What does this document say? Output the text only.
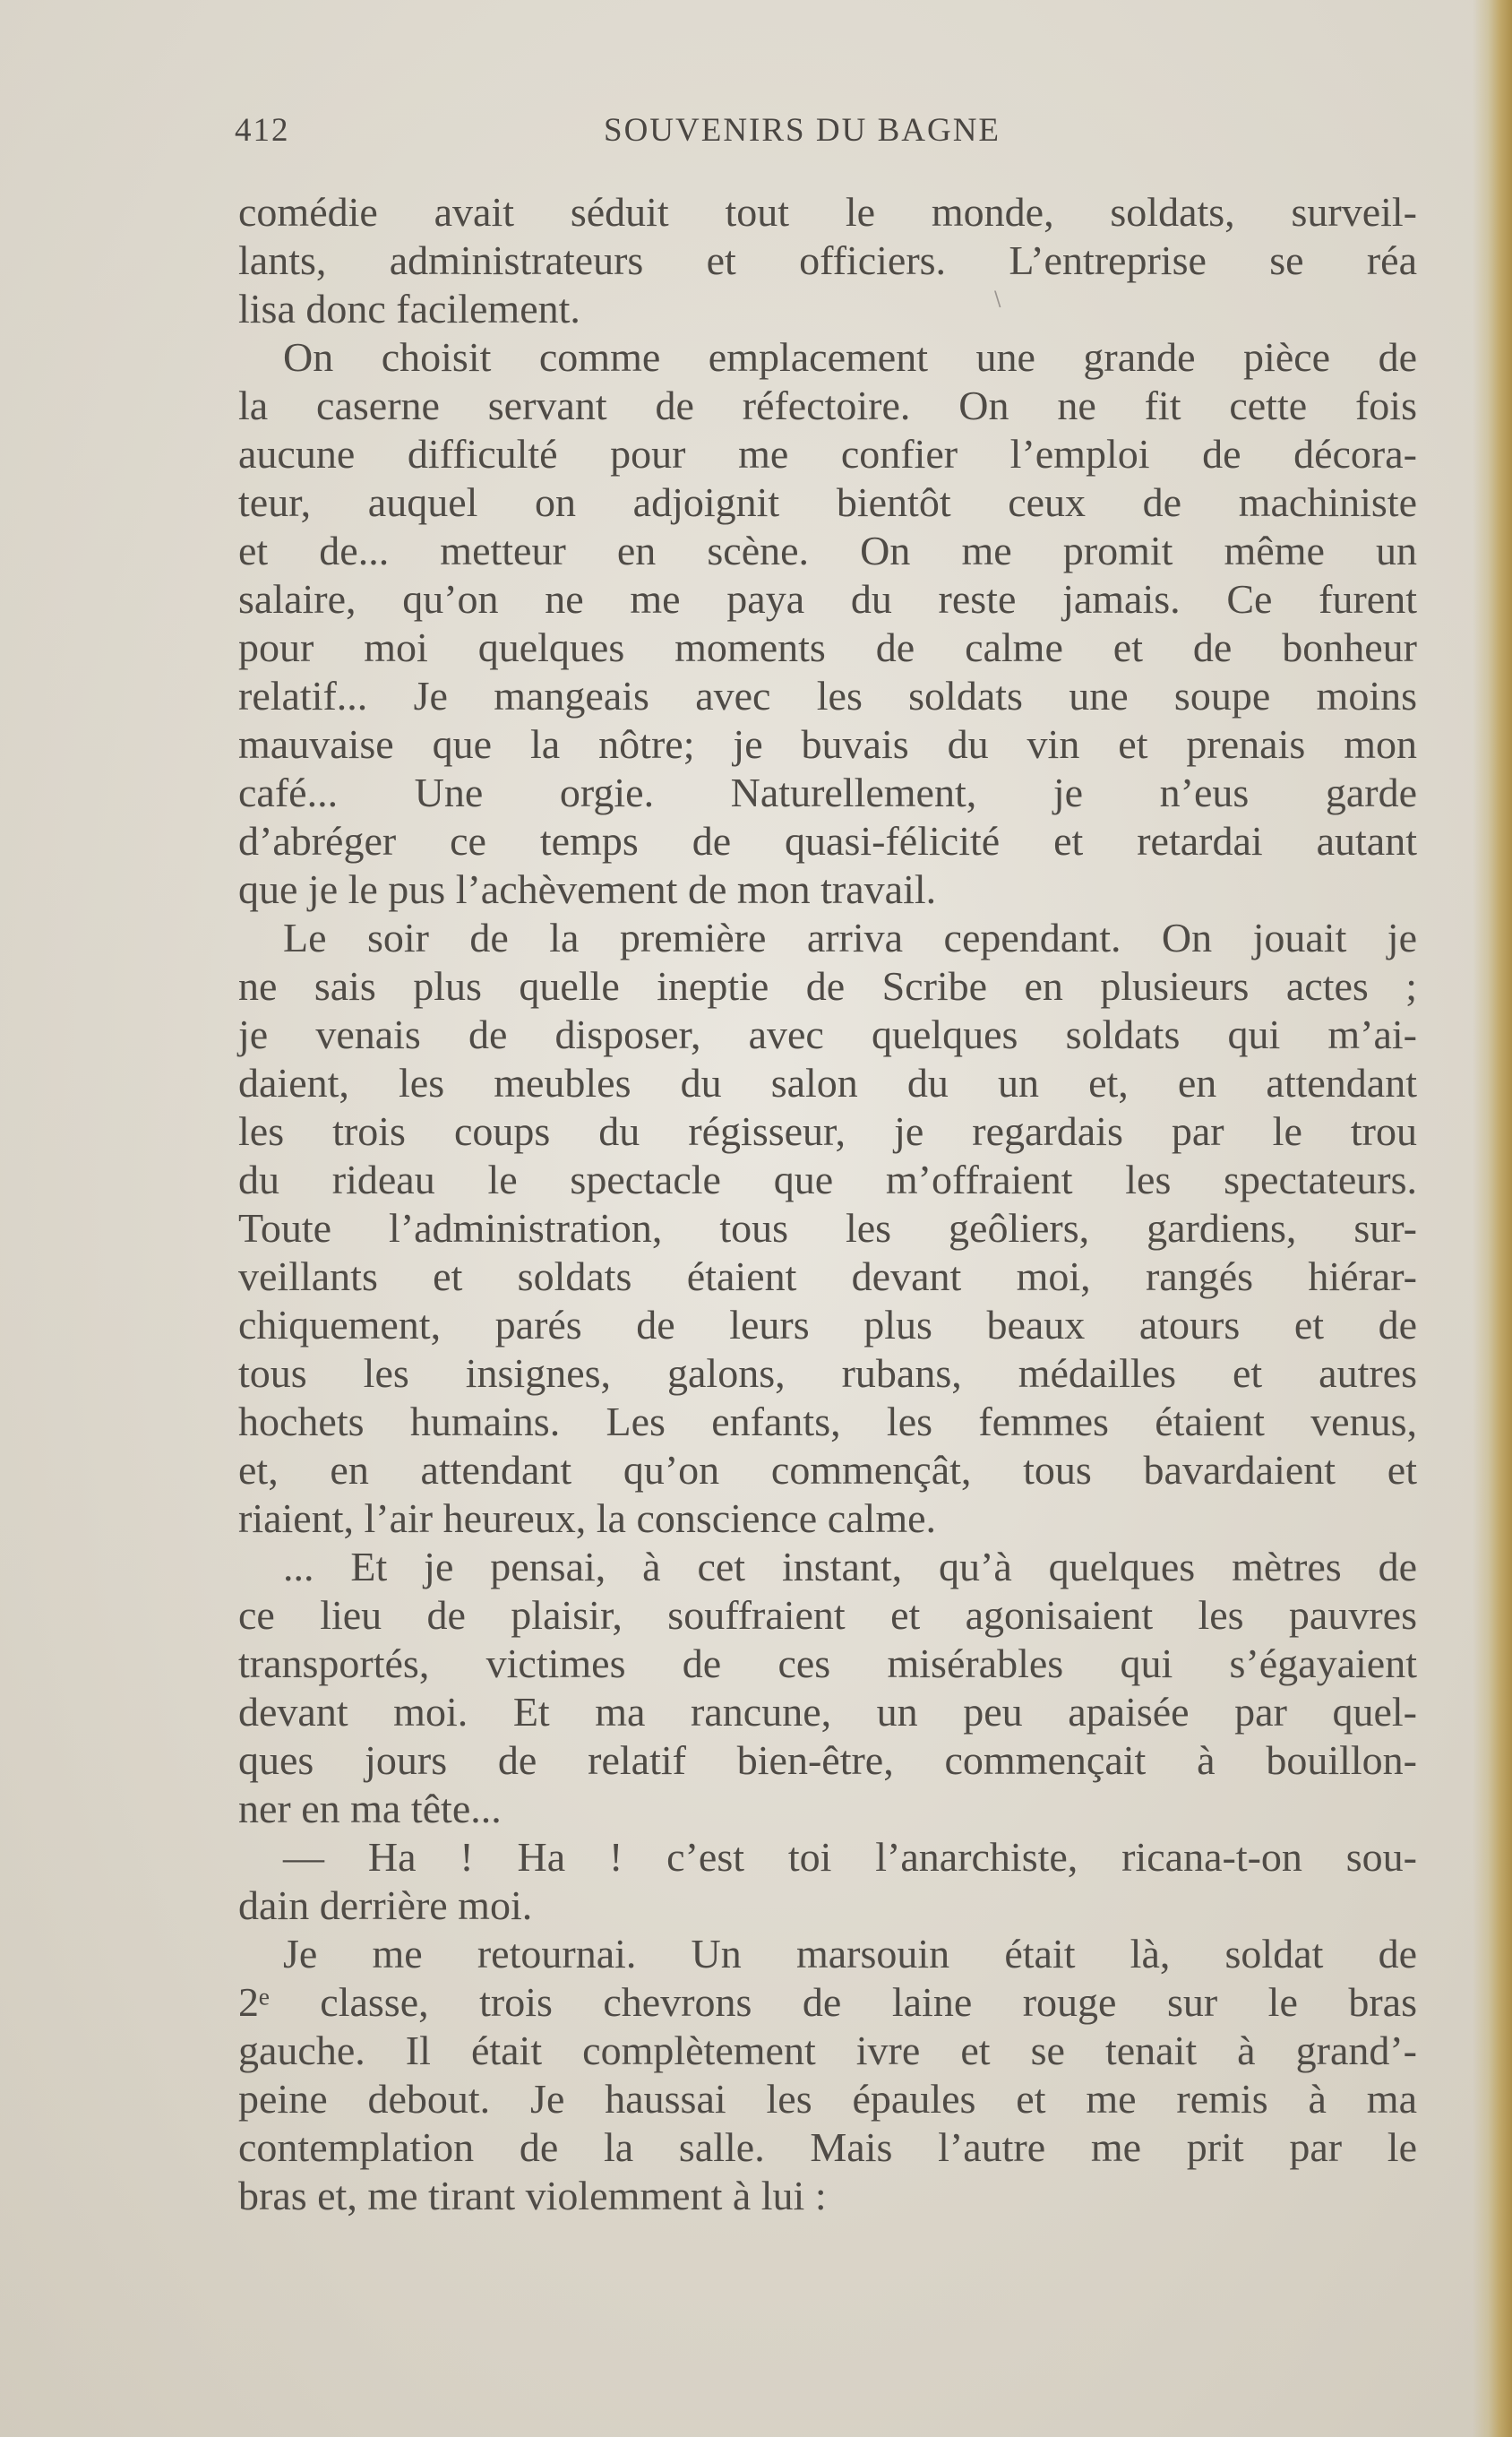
412	SOUVENIRS DU BAGNE
\
comédie avait séduit tout le monde, soldats, surveil-
lants, administrateurs et officiers. L’entreprise se réa
lisa donc facilement.
On choisit comme emplacement une grande pièce de
la caserne servant de réfectoire. On ne fit cette fois
aucune difficulté pour me confier l’emploi de décora-
teur, auquel on adjoignit bientôt ceux de machiniste
et de... metteur en scène. On me promit même un
salaire, qu’on ne me paya du reste jamais. Ce furent
pour moi quelques moments de calme et de bonheur
relatif... Je mangeais avec les soldats une soupe moins
mauvaise que la nôtre; je buvais du vin et prenais mon
café... Une orgie. Naturellement, je n’eus garde
d’abréger ce temps de quasi-félicité et retardai autant
que je le pus l’achèvement de mon travail.
Le soir de la première arriva cependant. On jouait je
ne sais plus quelle ineptie de Scribe en plusieurs actes ;
je venais de disposer, avec quelques soldats qui m’ai-
daient, les meubles du salon du un et, en attendant
les trois coups du régisseur, je regardais par le trou
du rideau le spectacle que m’offraient les spectateurs.
Toute l’administration, tous les geôliers, gardiens, sur-
veillants et soldats étaient devant moi, rangés hiérar-
chiquement, parés de leurs plus beaux atours et de
tous les insignes, galons, rubans, médailles et autres
hochets humains. Les enfants, les femmes étaient venus,
et, en attendant qu’on commençât, tous bavardaient et
riaient, l’air heureux, la conscience calme.
... Et je pensai, à cet instant, qu’à quelques mètres de
ce lieu de plaisir, souffraient et agonisaient les pauvres
transportés, victimes de ces misérables qui s’égayaient
devant moi. Et ma rancune, un peu apaisée par quel-
ques jours de relatif bien-être, commençait à bouillon-
ner en ma tête...
— Ha ! Ha ! c’est toi l’anarchiste, ricana-t-on sou-
dain derrière moi.
Je me retournai. Un marsouin était là, soldat de
2ᵉ classe, trois chevrons de laine rouge sur le bras
gauche. Il était complètement ivre et se tenait à grand’-
peine debout. Je haussai les épaules et me remis à ma
contemplation de la salle. Mais l’autre me prit par le
bras et, me tirant violemment à lui :
